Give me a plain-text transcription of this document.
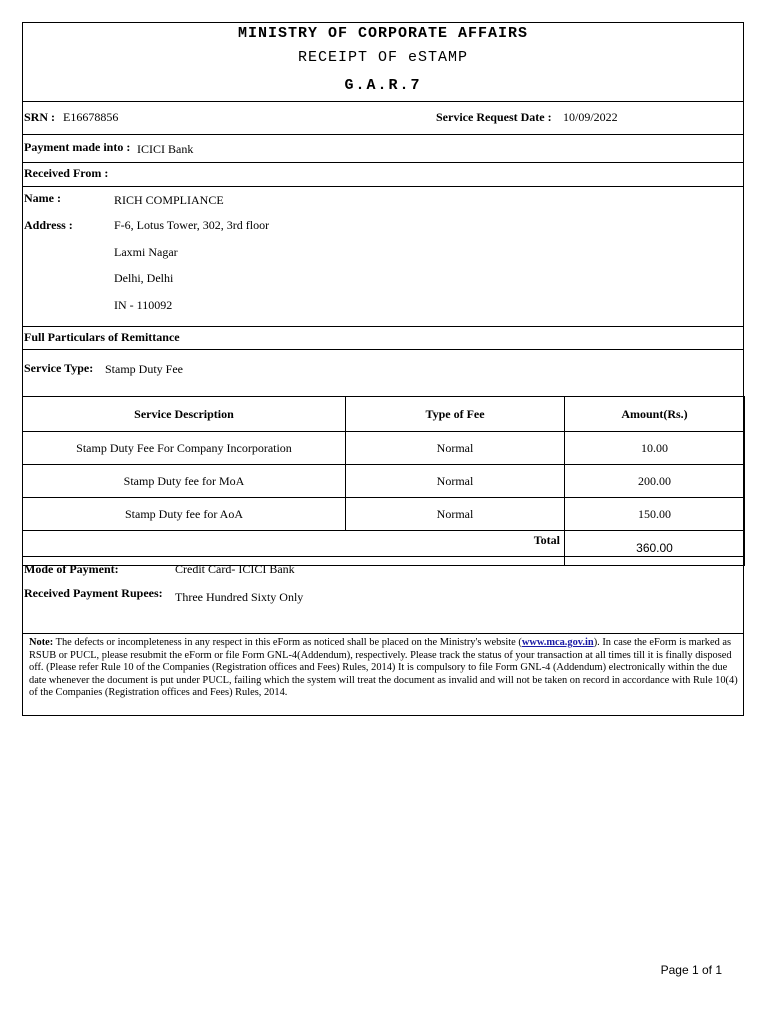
MINISTRY OF CORPORATE AFFAIRS
RECEIPT OF eSTAMP
G.A.R.7
SRN : E16678856	Service Request Date : 10/09/2022
Payment made into : ICICI Bank
Received From :
Name :	RICH COMPLIANCE
Address :	F-6, Lotus Tower, 302, 3rd floor
Laxmi Nagar
Delhi, Delhi
IN - 110092
Full Particulars of Remittance
Service Type: Stamp Duty Fee
Service Description	Type of Fee	Amount(Rs.)
Stamp Duty Fee For Company Incorporation	Normal	10.00
Stamp Duty fee for MoA	Normal	200.00
Stamp Duty fee for AoA	Normal	150.00
Total		360.00
Mode of Payment:	Credit Card- ICICI Bank
Received Payment Rupees: Three Hundred Sixty Only
Note: The defects or incompleteness in any respect in this eForm as noticed shall be placed on the Ministry's website (www.mca.gov.in). In case the eForm is marked as RSUB or PUCL, please resubmit the eForm or file Form GNL-4(Addendum), respectively. Please track the status of your transaction at all times till it is finally disposed off. (Please refer Rule 10 of the Companies (Registration offices and Fees) Rules, 2014) It is compulsory to file Form GNL-4 (Addendum) electronically within the due date whenever the document is put under PUCL, failing which the system will treat the document as invalid and will not be taken on record in accordance with Rule 10(4) of the Companies (Registration offices and Fees) Rules, 2014.
Page 1 of 1
